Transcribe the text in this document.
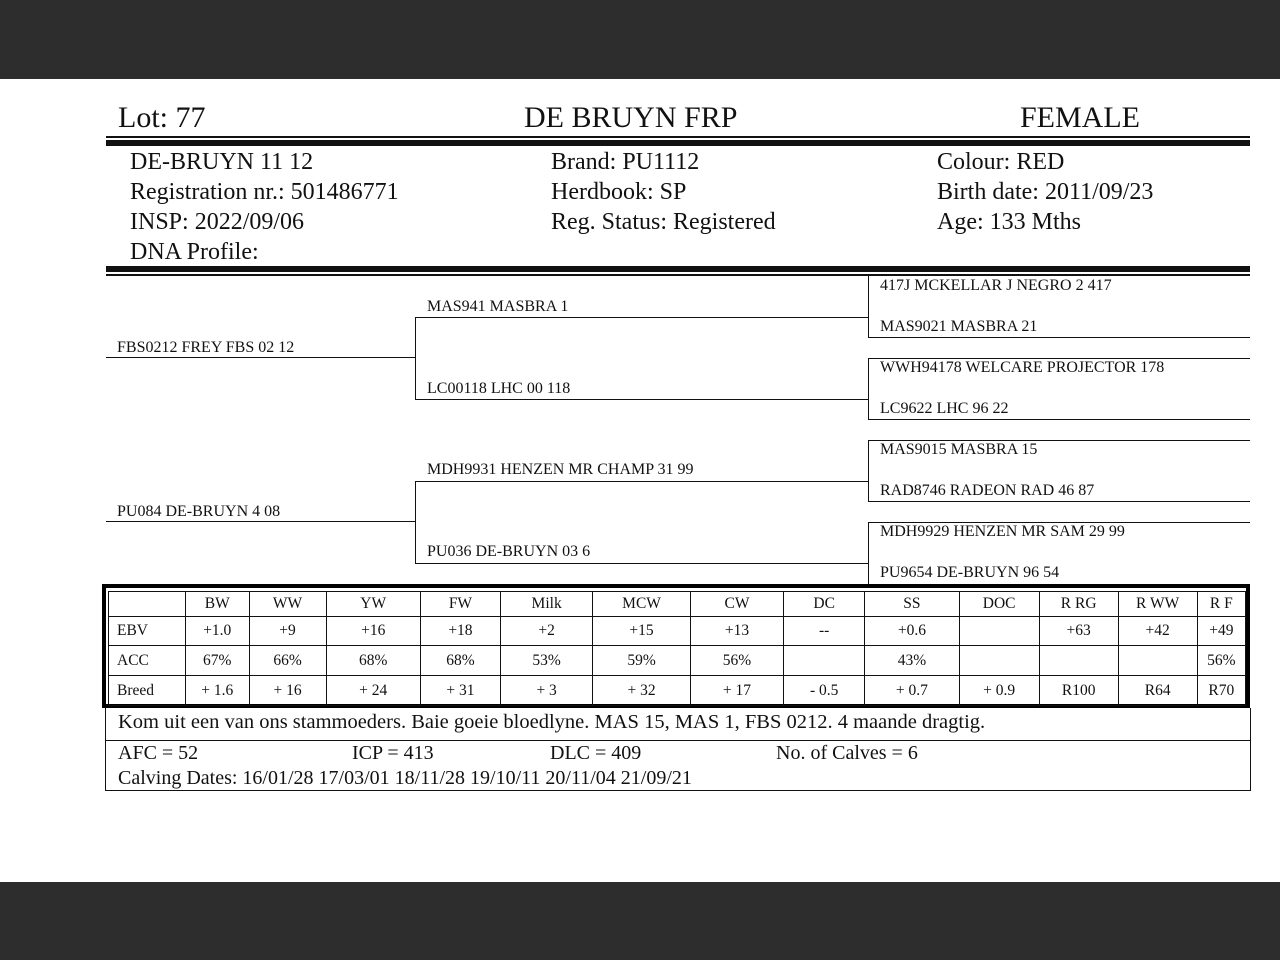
Lot: 77	DE BRUYN FRP	FEMALE
DE-BRUYN 11 12
Registration nr.: 501486771
INSP: 2022/09/06
DNA Profile:
Brand: PU1112
Herdbook: SP
Reg. Status: Registered
Colour: RED
Birth date: 2011/09/23
Age: 133 Mths
FBS0212 FREY FBS 02 12
PU084 DE-BRUYN 4 08
MAS941 MASBRA 1
LC00118 LHC 00 118
MDH9931 HENZEN MR CHAMP 31 99
PU036 DE-BRUYN 03 6
417J MCKELLAR J NEGRO 2 417
MAS9021 MASBRA 21
WWH94178 WELCARE PROJECTOR 178
LC9622 LHC 96 22
MAS9015 MASBRA 15
RAD8746 RADEON RAD 46 87
MDH9929 HENZEN MR SAM 29 99
PU9654 DE-BRUYN 96 54
	BW	WW	YW	FW	Milk	MCW	CW	DC	SS	DOC	R RG	R WW	R F
EBV	+1.0	+9	+16	+18	+2	+15	+13	--	+0.6		+63	+42	+49
ACC	67%	66%	68%	68%	53%	59%	56%		43%				56%
Breed	+ 1.6	+ 16	+ 24	+ 31	+ 3	+ 32	+ 17	- 0.5	+ 0.7	+ 0.9	R100	R64	R70
Kom uit een van ons stammoeders. Baie goeie bloedlyne. MAS 15, MAS 1, FBS 0212. 4 maande dragtig.
AFC = 52	ICP = 413	DLC = 409	No. of Calves = 6
Calving Dates: 16/01/28 17/03/01 18/11/28 19/10/11 20/11/04 21/09/21
